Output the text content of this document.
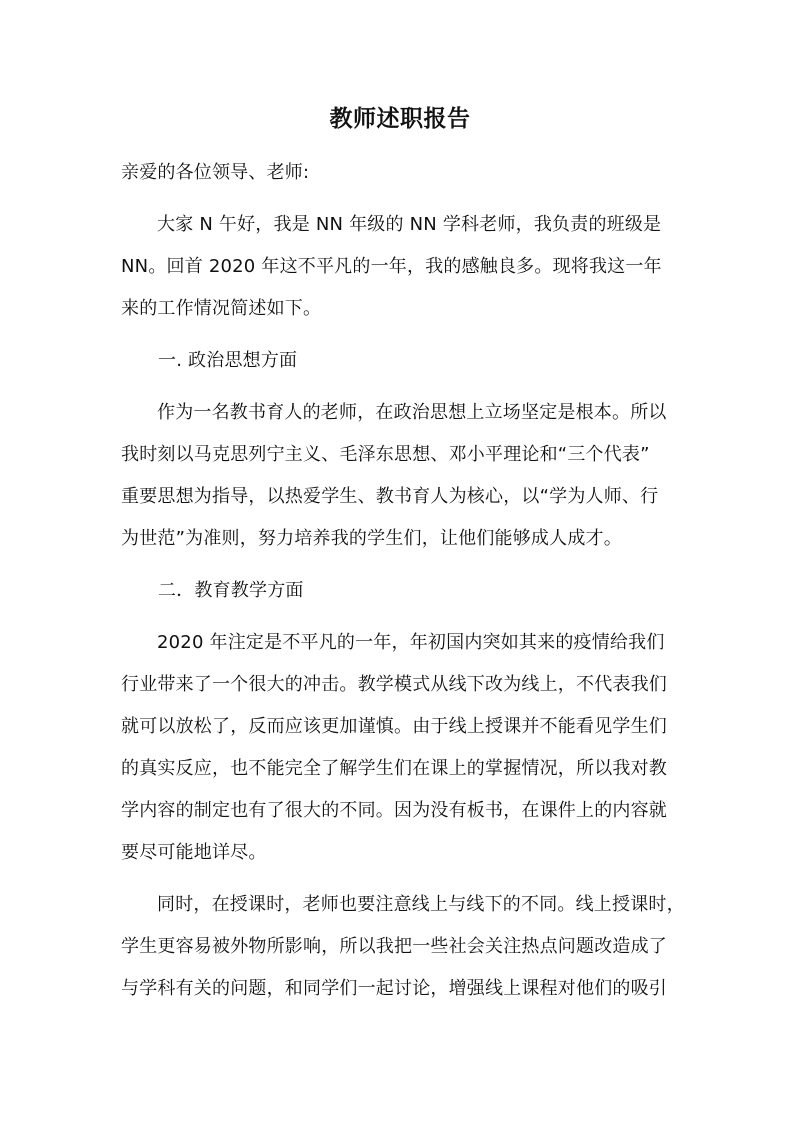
教师述职报告
亲爱的各位领导、老师:
大家 N 午好，我是 NN 年级的 NN 学科老师，我负责的班级是
NN。回首 2020 年这不平凡的一年，我的感触良多。现将我这一年
来的工作情况简述如下。
一. 政治思想方面
作为一名教书育人的老师，在政治思想上立场坚定是根本。所以
我时刻以马克思列宁主义、毛泽东思想、邓小平理论和“三个代表”
重要思想为指导，以热爱学生、教书育人为核心，以“学为人师、行
为世范”为准则，努力培养我的学生们，让他们能够成人成才。
二．教育教学方面
2020 年注定是不平凡的一年，年初国内突如其来的疫情给我们
行业带来了一个很大的冲击。教学模式从线下改为线上，不代表我们
就可以放松了，反而应该更加谨慎。由于线上授课并不能看见学生们
的真实反应，也不能完全了解学生们在课上的掌握情况，所以我对教
学内容的制定也有了很大的不同。因为没有板书，在课件上的内容就
要尽可能地详尽。
同时，在授课时，老师也要注意线上与线下的不同。线上授课时，
学生更容易被外物所影响，所以我把一些社会关注热点问题改造成了
与学科有关的问题，和同学们一起讨论，增强线上课程对他们的吸引
